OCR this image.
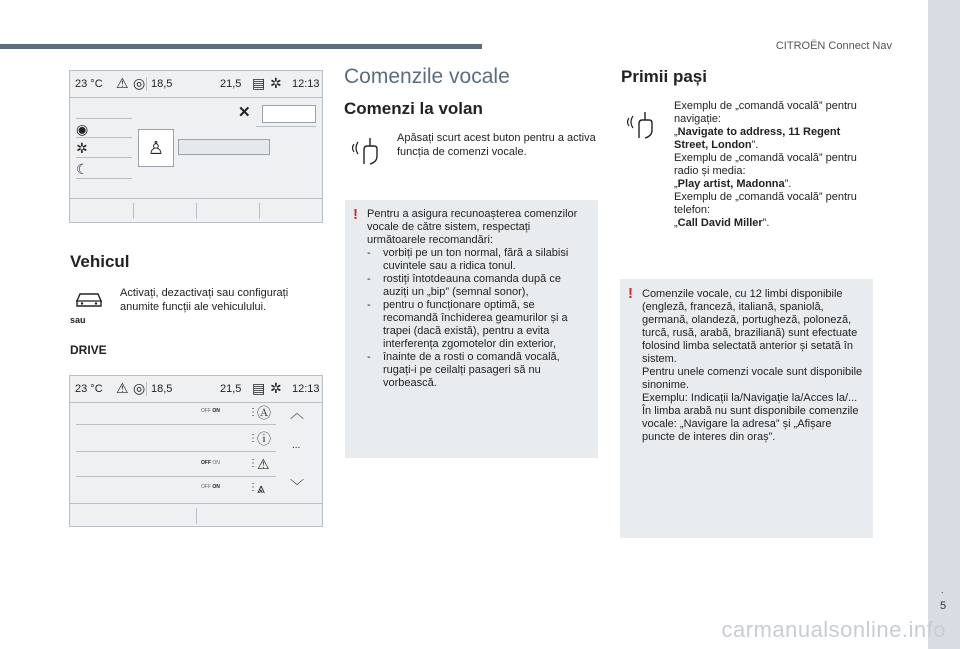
CITROËN Connect Nav
.
5
carmanualsonline.info
23 °C ⚠ ◎ 18,5	21,5 ▤ ✲ 12:13
✕
◉
✲
☾
♙
Vehicul
Activați, dezactivați sau configurați anumite funcții ale vehiculului.
sau
DRIVE
23 °C ⚠ ◎ 18,5	21,5 ▤ ✲ 12:13
OFF ON	⋮ Ⓐ ︿
⋮ ⓘ ...
OFF ON	⋮ ⚠
OFF ON	⋮ ⩓ ﹀
Comenzile vocale
Comenzi la volan
Apăsați scurt acest buton pentru a activa funcția de comenzi vocale.
! Pentru a asigura recunoașterea comenzilor vocale de către sistem, respectați următoarele recomandări:

- vorbiți pe un ton normal, fără a silabisi cuvintele sau a ridica tonul.

- rostiți întotdeauna comanda după ce auziți un „bip” (semnal sonor),

- pentru o funcționare optimă, se recomandă închiderea geamurilor și a trapei (dacă există), pentru a evita interferența zgomotelor din exterior,

- înainte de a rosti o comandă vocală, rugați-i pe ceilalți pasageri să nu vorbească.

Primii pași
Exemplu de „comandă vocală” pentru navigație:
„Navigate to address, 11 Regent Street, London”.
Exemplu de „comandă vocală” pentru radio și media:
„Play artist, Madonna”.
Exemplu de „comandă vocală” pentru telefon:
„Call David Miller”.
! Comenzile vocale, cu 12 limbi disponibile (engleză, franceză, italiană, spaniolă, germană, olandeză, portugheză, poloneză, turcă, rusă, arabă, braziliană) sunt efectuate folosind limba selectată anterior și setată în sistem.

Pentru unele comenzi vocale sunt disponibile sinonime.

Exemplu: Indicații la/Navigație la/Acces la/...

În limba arabă nu sunt disponibile comenzile vocale: „Navigare la adresa” și „Afișare puncte de interes din oraș”.
